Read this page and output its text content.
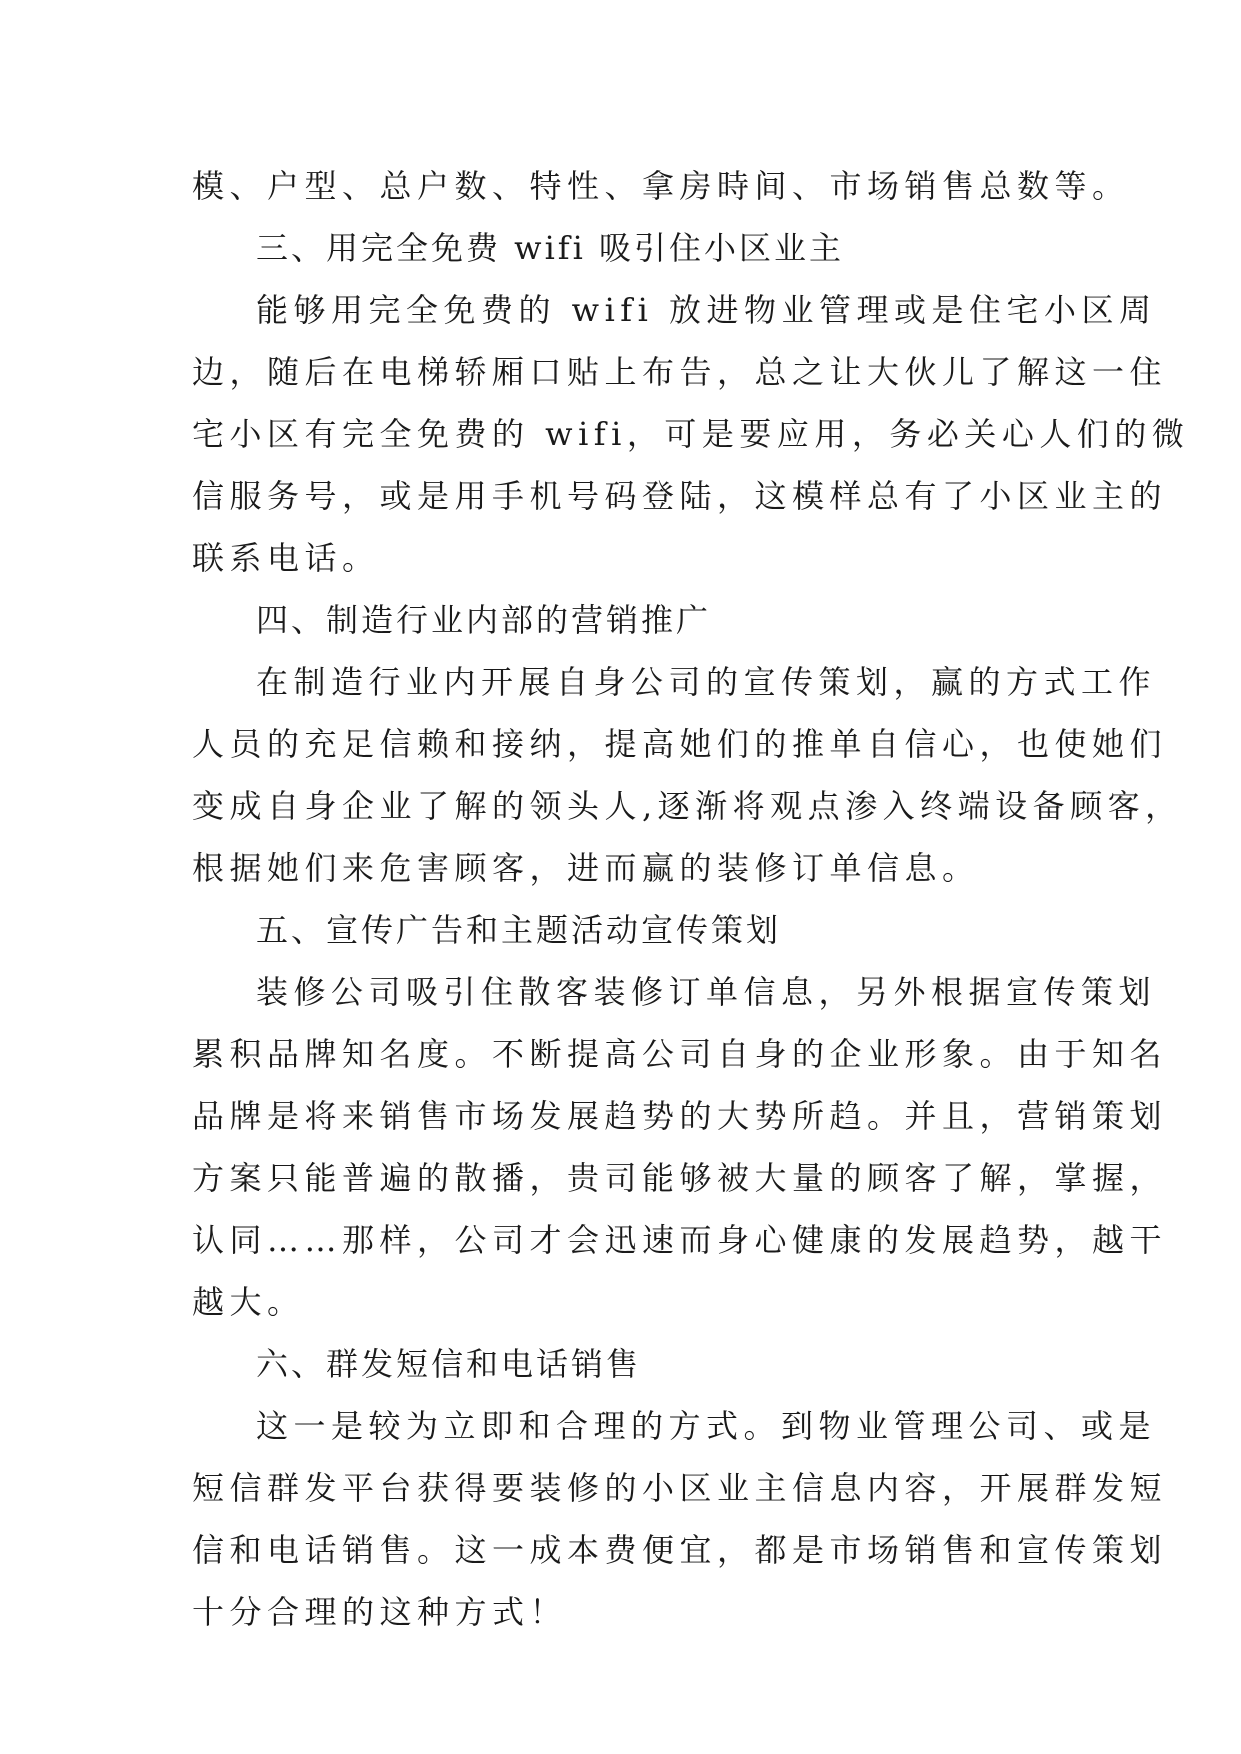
模、户型、总户数、特性、拿房時间、市场销售总数等。
三、用完全免费 wifi 吸引住小区业主
能够用完全免费的 wifi 放进物业管理或是住宅小区周
边，随后在电梯轿厢口贴上布告，总之让大伙儿了解这一住
宅小区有完全免费的 wifi，可是要应用，务必关心人们的微
信服务号，或是用手机号码登陆，这模样总有了小区业主的
联系电话。
四、制造行业内部的营销推广
在制造行业内开展自身公司的宣传策划，赢的方式工作
人员的充足信赖和接纳，提高她们的推单自信心，也使她们
变成自身企业了解的领头人,逐渐将观点渗入终端设备顾客，
根据她们来危害顾客，进而赢的装修订单信息。
五、宣传广告和主题活动宣传策划
装修公司吸引住散客装修订单信息，另外根据宣传策划
累积品牌知名度。不断提高公司自身的企业形象。由于知名
品牌是将来销售市场发展趋势的大势所趋。并且，营销策划
方案只能普遍的散播，贵司能够被大量的顾客了解，掌握，
认同……那样，公司才会迅速而身心健康的发展趋势，越干
越大。
六、群发短信和电话销售
这一是较为立即和合理的方式。到物业管理公司、或是
短信群发平台获得要装修的小区业主信息内容，开展群发短
信和电话销售。这一成本费便宜，都是市场销售和宣传策划
十分合理的这种方式！
